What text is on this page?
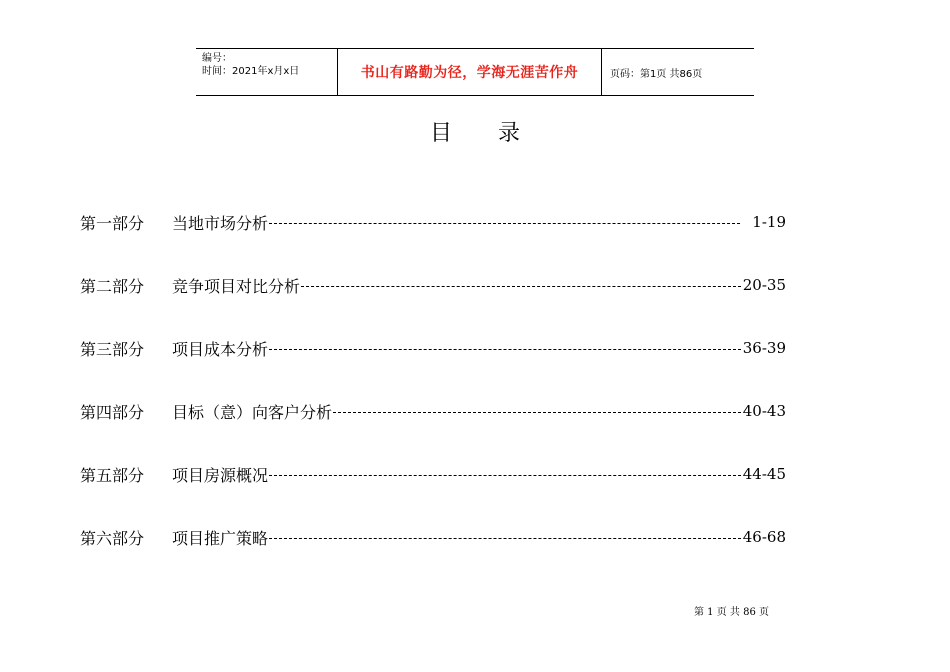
编号：
时间：2021年x月x日	书山有路勤为径，学海无涯苦作舟	页码：第1页 共86页
目 录
第一部分	当地市场分析	1-19
第二部分	竞争项目对比分析	20-35
第三部分	项目成本分析	36-39
第四部分	目标（意）向客户分析	40-43
第五部分	项目房源概况	44-45
第六部分	项目推广策略	46-68
第 1 页 共 86 页
